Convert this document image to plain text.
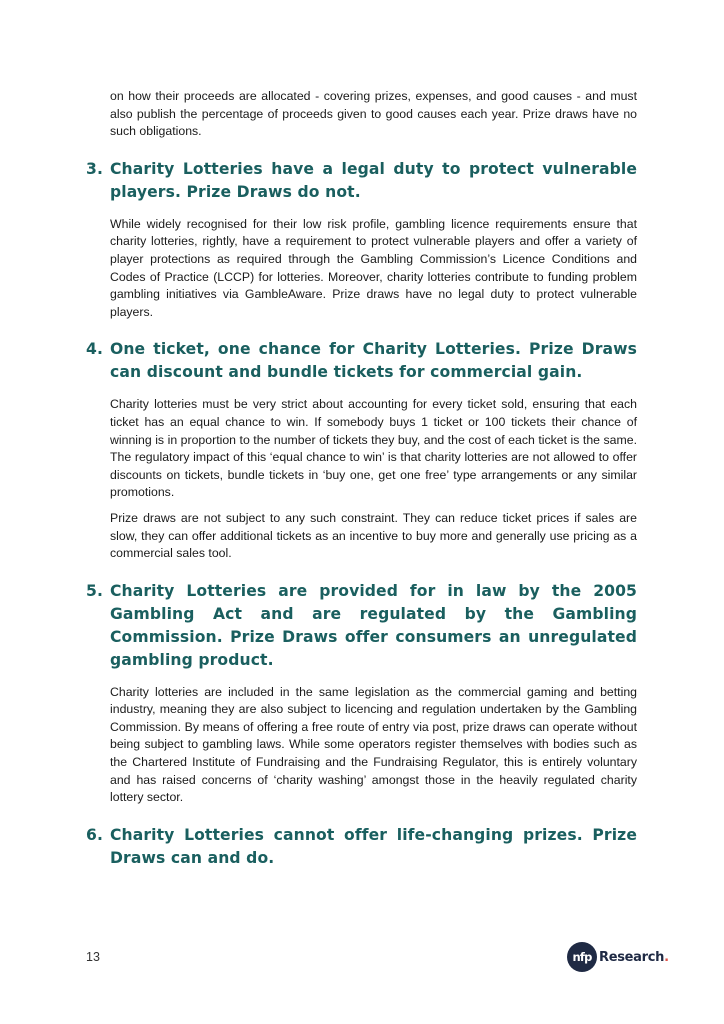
on how their proceeds are allocated - covering prizes, expenses, and good causes - and must also publish the percentage of proceeds given to good causes each year. Prize draws have no such obligations.

3. Charity Lotteries have a legal duty to protect vulnerable players. Prize Draws do not.

While widely recognised for their low risk profile, gambling licence requirements ensure that charity lotteries, rightly, have a requirement to protect vulnerable players and offer a variety of player protections as required through the Gambling Commission’s Licence Conditions and Codes of Practice (LCCP) for lotteries. Moreover, charity lotteries contribute to funding problem gambling initiatives via GambleAware. Prize draws have no legal duty to protect vulnerable players.

4. One ticket, one chance for Charity Lotteries. Prize Draws can discount and bundle tickets for commercial gain.

Charity lotteries must be very strict about accounting for every ticket sold, ensuring that each ticket has an equal chance to win. If somebody buys 1 ticket or 100 tickets their chance of winning is in proportion to the number of tickets they buy, and the cost of each ticket is the same. The regulatory impact of this ‘equal chance to win’ is that charity lotteries are not allowed to offer discounts on tickets, bundle tickets in ‘buy one, get one free’ type arrangements or any similar promotions.

Prize draws are not subject to any such constraint. They can reduce ticket prices if sales are slow, they can offer additional tickets as an incentive to buy more and generally use pricing as a commercial sales tool.

5. Charity Lotteries are provided for in law by the 2005 Gambling Act and are regulated by the Gambling Commission. Prize Draws offer consumers an unregulated gambling product.

Charity lotteries are included in the same legislation as the commercial gaming and betting industry, meaning they are also subject to licencing and regulation undertaken by the Gambling Commission. By means of offering a free route of entry via post, prize draws can operate without being subject to gambling laws. While some operators register themselves with bodies such as the Chartered Institute of Fundraising and the Fundraising Regulator, this is entirely voluntary and has raised concerns of ‘charity washing’ amongst those in the heavily regulated charity lottery sector.

6. Charity Lotteries cannot offer life-changing prizes. Prize Draws can and do.
13	nfp Research .
